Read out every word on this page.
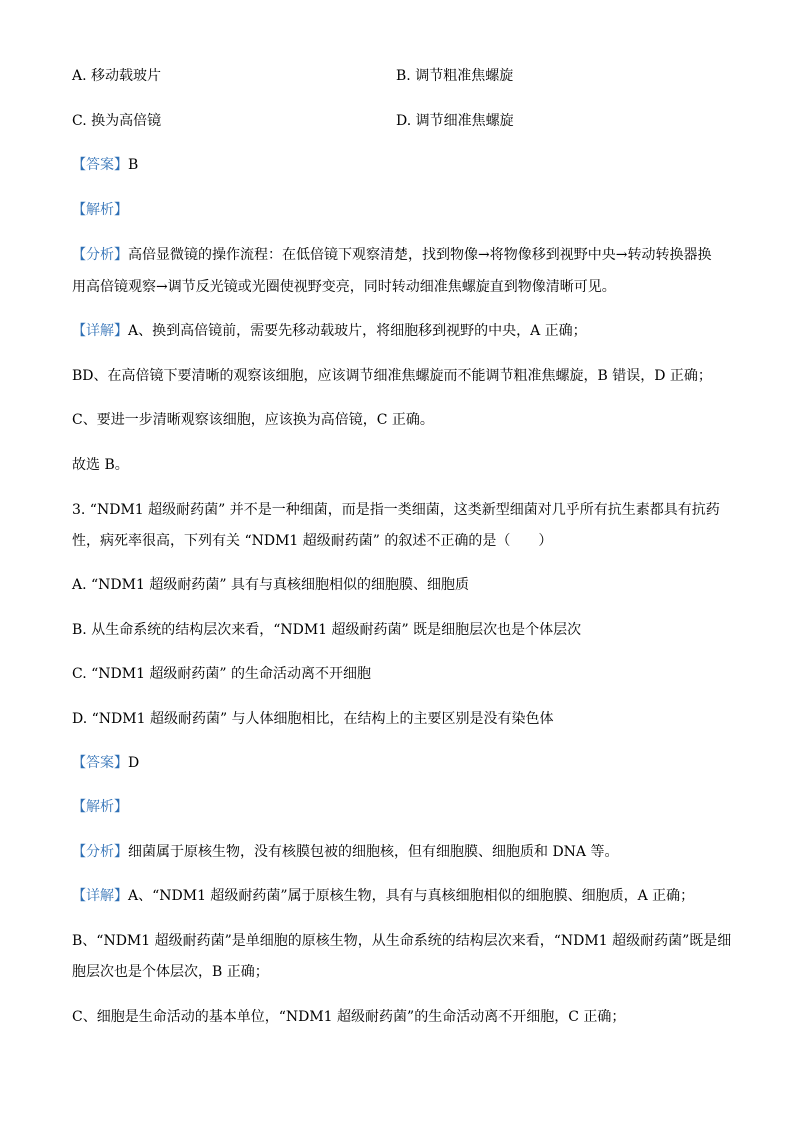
A. 移动载玻片	B. 调节粗准焦螺旋
C. 换为高倍镜	D. 调节细准焦螺旋
【答案】B
【解析】
【分析】高倍显微镜的操作流程：在低倍镜下观察清楚，找到物像→将物像移到视野中央→转动转换器换
用高倍镜观察→调节反光镜或光圈使视野变亮，同时转动细准焦螺旋直到物像清晰可见。
【详解】A、换到高倍镜前，需要先移动载玻片，将细胞移到视野的中央，A 正确；
BD、在高倍镜下要清晰的观察该细胞，应该调节细准焦螺旋而不能调节粗准焦螺旋，B 错误，D 正确；
C、要进一步清晰观察该细胞，应该换为高倍镜，C 正确。
故选 B。
3. “NDM1 超级耐药菌” 并不是一种细菌，而是指一类细菌，这类新型细菌对几乎所有抗生素都具有抗药
性，病死率很高，下列有关 “NDM1 超级耐药菌” 的叙述不正确的是（　　）
A. “NDM1 超级耐药菌” 具有与真核细胞相似的细胞膜、细胞质
B. 从生命系统的结构层次来看，“NDM1 超级耐药菌” 既是细胞层次也是个体层次
C. “NDM1 超级耐药菌” 的生命活动离不开细胞
D. “NDM1 超级耐药菌” 与人体细胞相比，在结构上的主要区别是没有染色体
【答案】D
【解析】
【分析】细菌属于原核生物，没有核膜包被的细胞核，但有细胞膜、细胞质和 DNA 等。
【详解】A、“NDM1 超级耐药菌”属于原核生物，具有与真核细胞相似的细胞膜、细胞质，A 正确；
B、“NDM1 超级耐药菌”是单细胞的原核生物，从生命系统的结构层次来看，“NDM1 超级耐药菌”既是细
胞层次也是个体层次，B 正确；
C、细胞是生命活动的基本单位，“NDM1 超级耐药菌”的生命活动离不开细胞，C 正确；
